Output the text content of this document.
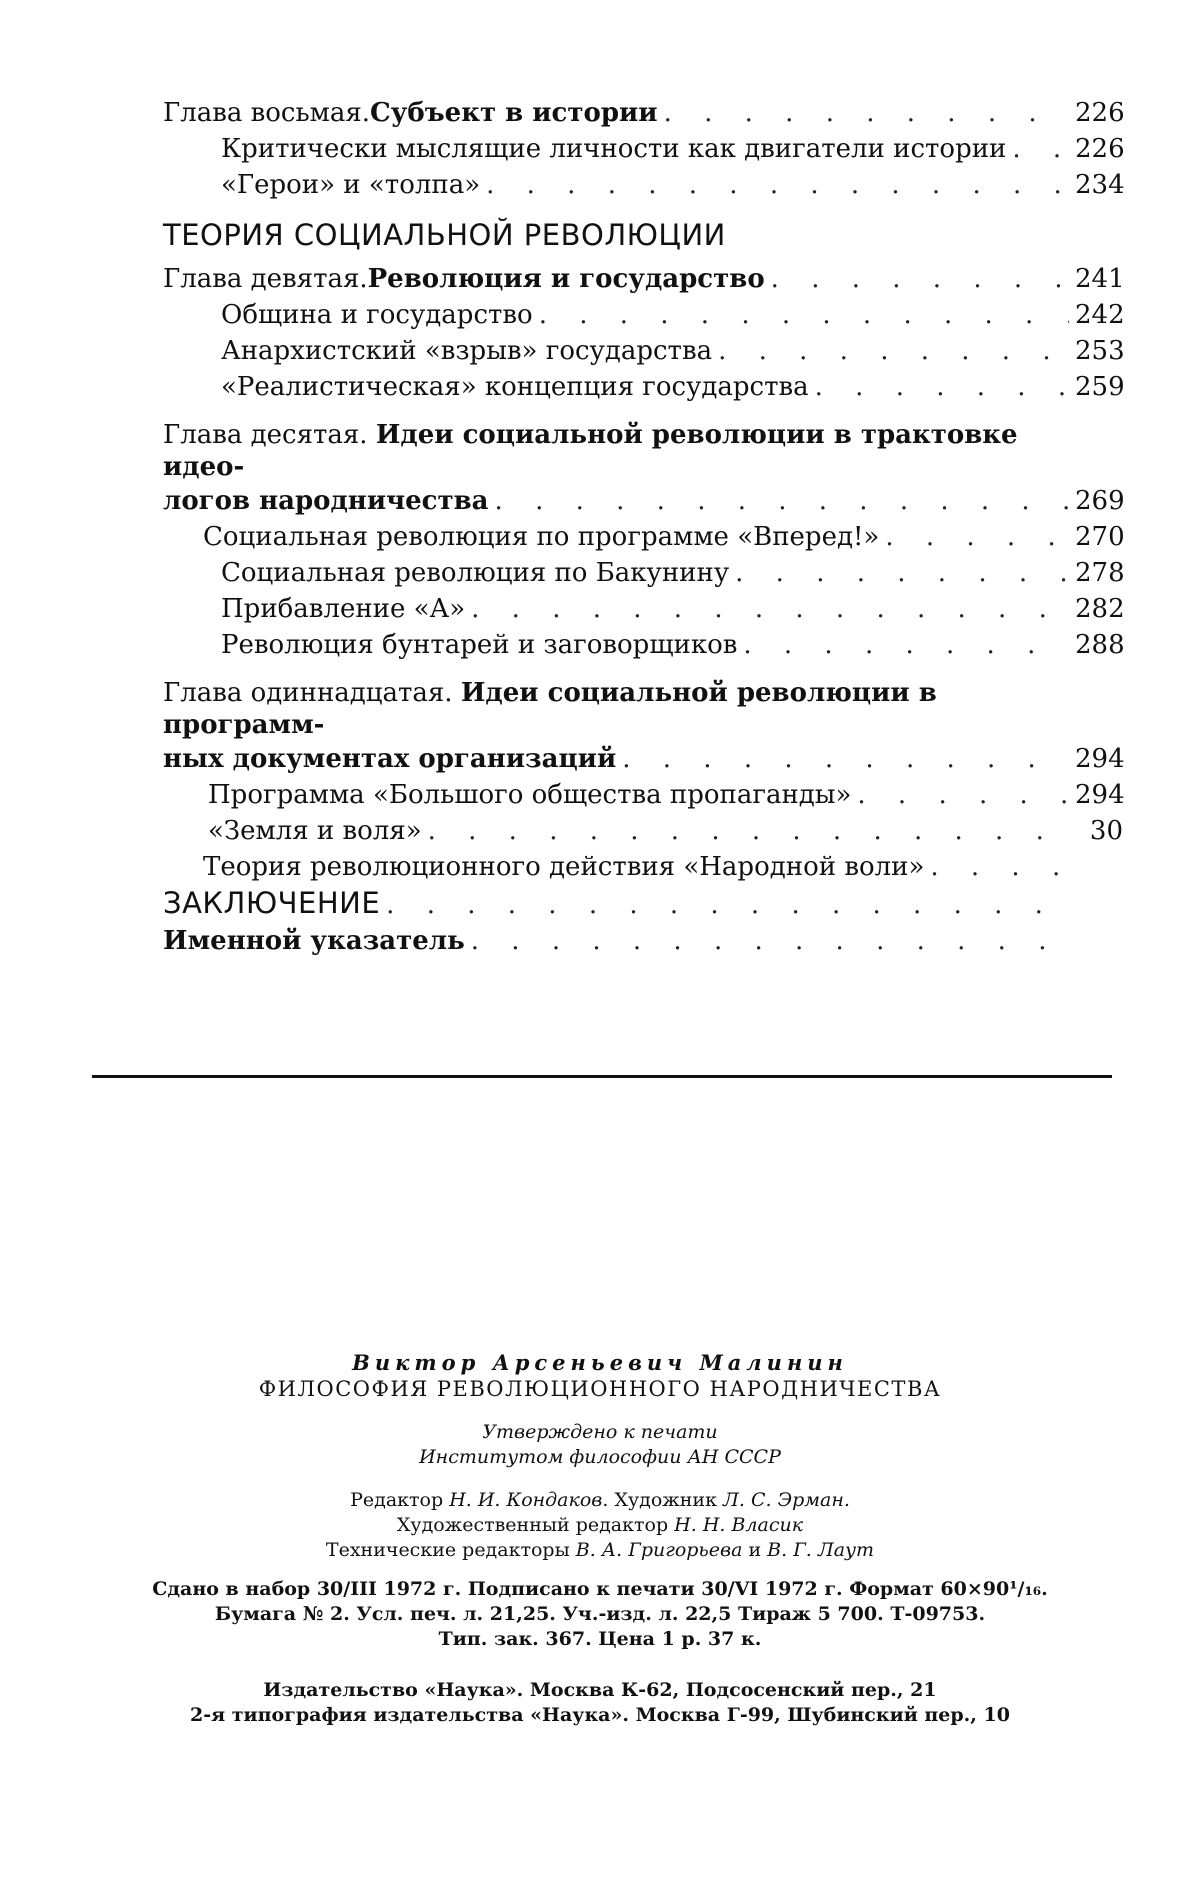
Глава восьмая. Субъект в истории . . .	226
Критически мыслящие личности как двигатели истории . . .	226
«Герои» и «толпа» . . .	234
ТЕОРИЯ СОЦИАЛЬНОЙ РЕВОЛЮЦИИ
Глава девятая. Революция и государство . . .	241
Община и государство . . .	242
Анархистский «взрыв» государства . . .	253
«Реалистическая» концепция государства . . .	259
Глава десятая. Идеи социальной революции в трактовке идео-
логов народничества . . .	269
Социальная революция по программе «Вперед!» . . .	270
Социальная революция по Бакунину . . .	278
Прибавление «А» . . .	282
Революция бунтарей и заговорщиков . . .	288
Глава одиннадцатая. Идеи социальной революции в программ-
ных документах организаций . . .	294
Программа «Большого общества пропаганды» . . .	294
«Земля и воля» . . .	30
Теория революционного действия «Народной воли»
. . .
ЗАКЛЮЧЕНИЕ
. . .
Именной указатель
. . .
Виктор Арсеньевич Малинин
ФИЛОСОФИЯ РЕВОЛЮЦИОННОГО НАРОДНИЧЕСТВА
Утверждено к печати
Институтом философии АН СССР
Редактор Н. И. Кондаков. Художник Л. С. Эрман.
Художественный редактор Н. Н. Власик
Технические редакторы В. А. Григорьева и В. Г. Лаут
Сдано в набор 30/III 1972 г. Подписано к печати 30/VI 1972 г. Формат 60×90¹/₁₆.
Бумага № 2. Усл. печ. л. 21,25. Уч.-изд. л. 22,5 Тираж 5 700. Т-09753.
Тип. зак. 367. Цена 1 р. 37 к.
Издательство «Наука». Москва К-62, Подсосенский пер., 21
2-я типография издательства «Наука». Москва Г-99, Шубинский пер., 10
